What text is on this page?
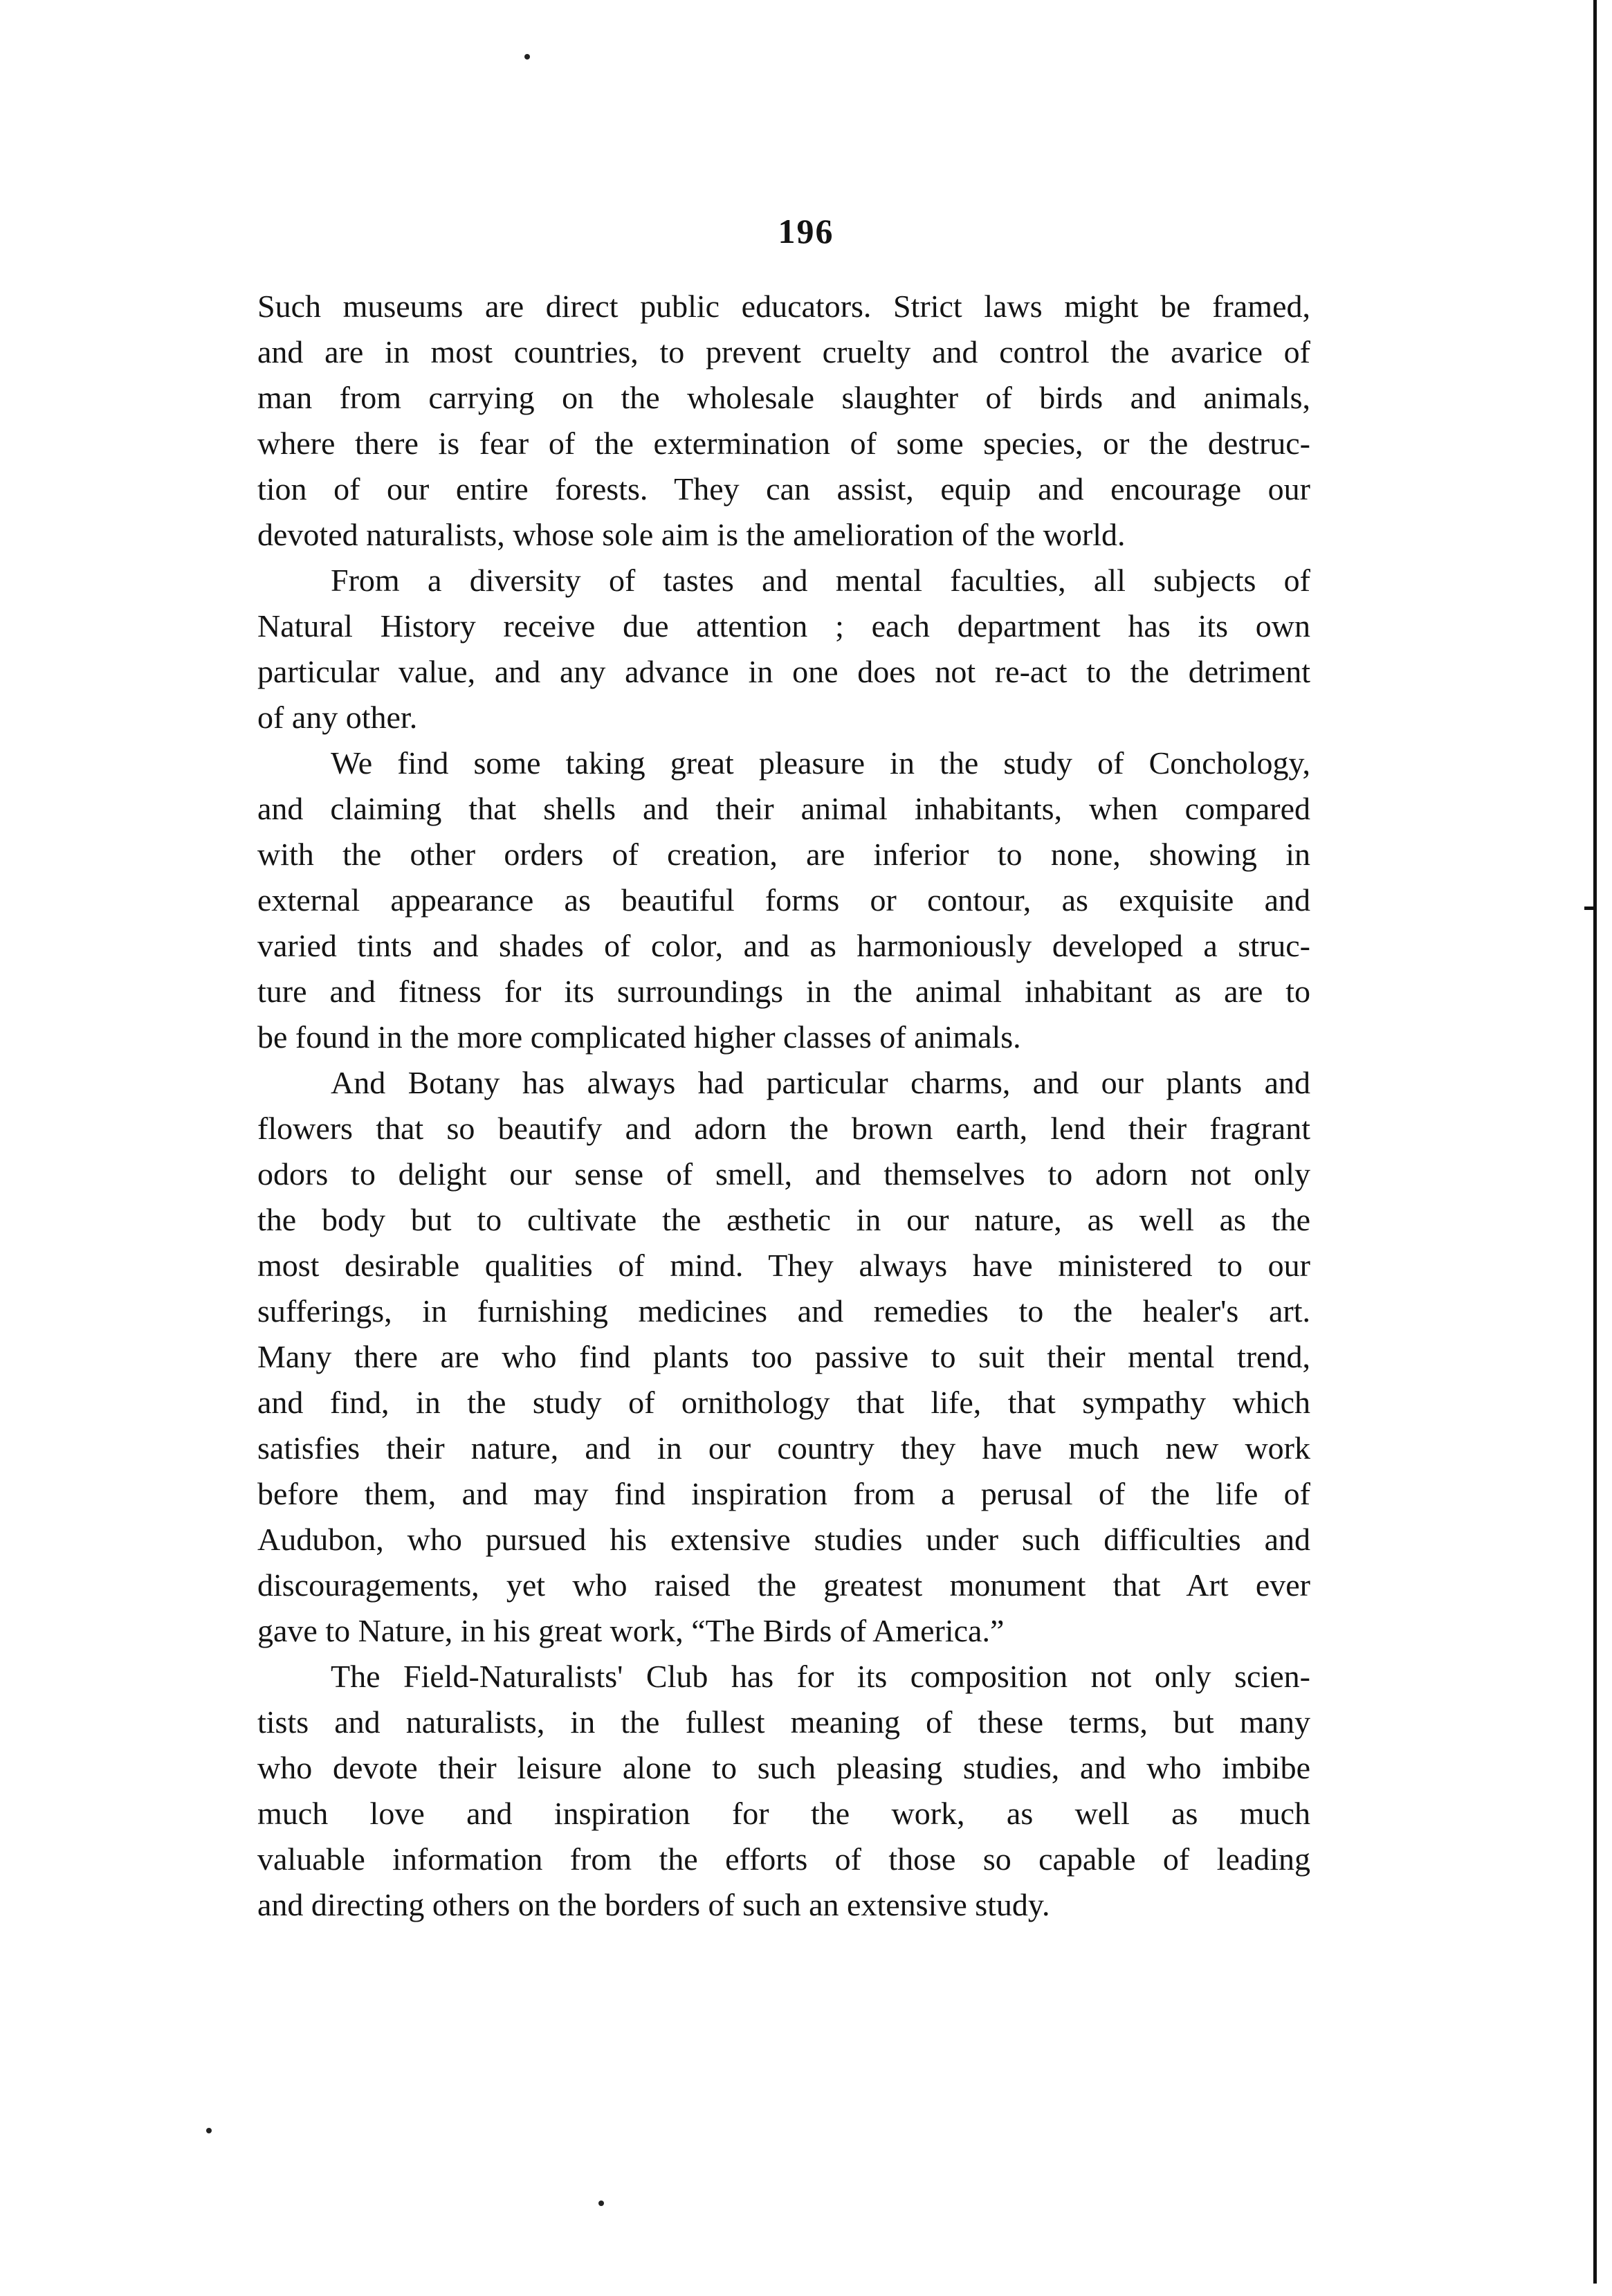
196
Such museums are direct public educators. Strict laws might be framed,
and are in most countries, to prevent cruelty and control the avarice of
man from carrying on the wholesale slaughter of birds and animals,
where there is fear of the extermination of some species, or the destruc-
tion of our entire forests. They can assist, equip and encourage our
devoted naturalists, whose sole aim is the amelioration of the world.
From a diversity of tastes and mental faculties, all subjects of
Natural History receive due attention ; each department has its own
particular value, and any advance in one does not re-act to the detriment
of any other.
We find some taking great pleasure in the study of Conchology,
and claiming that shells and their animal inhabitants, when compared
with the other orders of creation, are inferior to none, showing in
external appearance as beautiful forms or contour, as exquisite and
varied tints and shades of color, and as harmoniously developed a struc-
ture and fitness for its surroundings in the animal inhabitant as are to
be found in the more complicated higher classes of animals.
And Botany has always had particular charms, and our plants and
flowers that so beautify and adorn the brown earth, lend their fragrant
odors to delight our sense of smell, and themselves to adorn not only
the body but to cultivate the æsthetic in our nature, as well as the
most desirable qualities of mind. They always have ministered to our
sufferings, in furnishing medicines and remedies to the healer's art.
Many there are who find plants too passive to suit their mental trend,
and find, in the study of ornithology that life, that sympathy which
satisfies their nature, and in our country they have much new work
before them, and may find inspiration from a perusal of the life of
Audubon, who pursued his extensive studies under such difficulties and
discouragements, yet who raised the greatest monument that Art ever
gave to Nature, in his great work, “The Birds of America.”
The Field-Naturalists' Club has for its composition not only scien-
tists and naturalists, in the fullest meaning of these terms, but many
who devote their leisure alone to such pleasing studies, and who imbibe
much love and inspiration for the work, as well as much
valuable information from the efforts of those so capable of leading
and directing others on the borders of such an extensive study.
